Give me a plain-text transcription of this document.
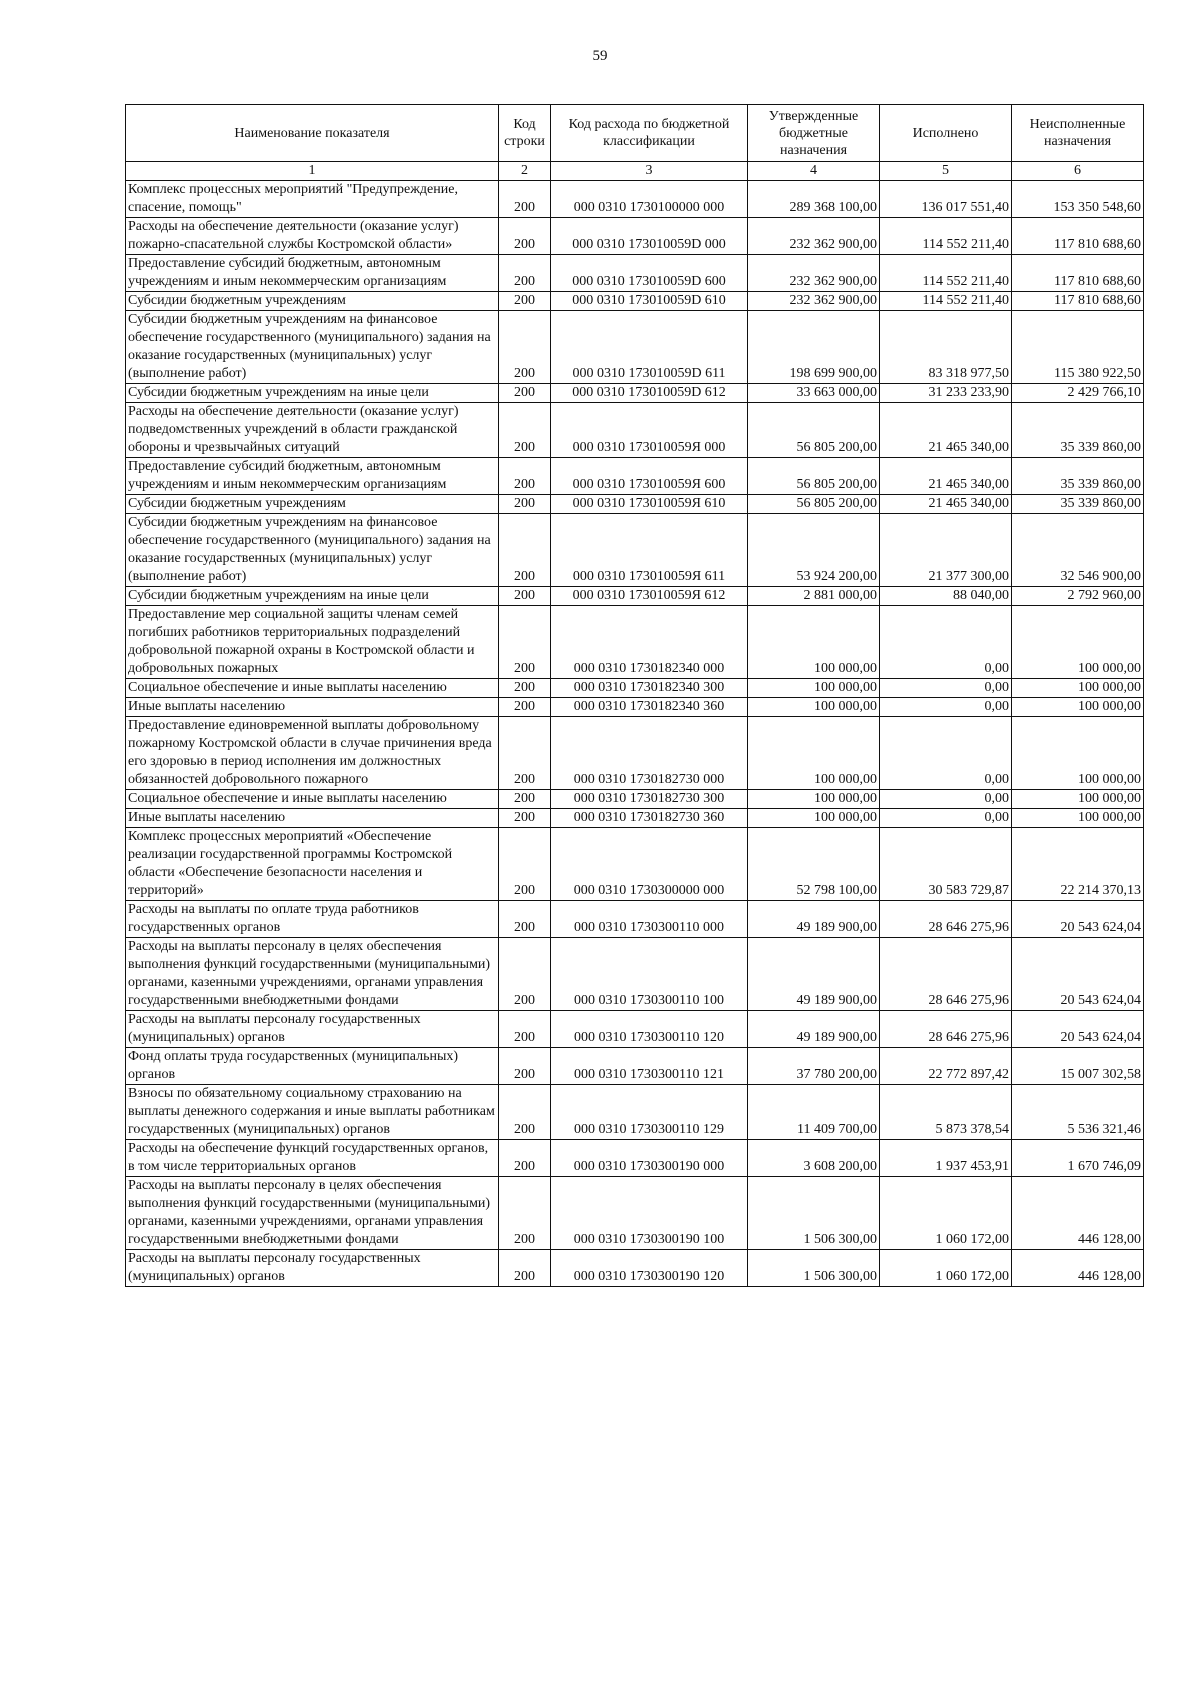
59
Наименование показателя	Код строки	Код расхода по бюджетной классификации	Утвержденные бюджетные назначения	Исполнено	Неисполненные назначения
1	2	3	4	5	6
Комплекс процессных мероприятий "Предупреждение, спасение, помощь"	200	000 0310 1730100000 000	289 368 100,00	136 017 551,40	153 350 548,60
Расходы на обеспечение деятельности (оказание услуг) пожарно-спасательной службы Костромской области»	200	000 0310 173010059D 000	232 362 900,00	114 552 211,40	117 810 688,60
Предоставление субсидий бюджетным, автономным учреждениям и иным некоммерческим организациям	200	000 0310 173010059D 600	232 362 900,00	114 552 211,40	117 810 688,60
Субсидии бюджетным учреждениям	200	000 0310 173010059D 610	232 362 900,00	114 552 211,40	117 810 688,60
Субсидии бюджетным учреждениям на финансовое обеспечение государственного (муниципального) задания на оказание государственных (муниципальных) услуг (выполнение работ)	200	000 0310 173010059D 611	198 699 900,00	83 318 977,50	115 380 922,50
Субсидии бюджетным учреждениям на иные цели	200	000 0310 173010059D 612	33 663 000,00	31 233 233,90	2 429 766,10
Расходы на обеспечение деятельности (оказание услуг) подведомственных учреждений в области гражданской обороны и чрезвычайных ситуаций	200	000 0310 173010059Я 000	56 805 200,00	21 465 340,00	35 339 860,00
Предоставление субсидий бюджетным, автономным учреждениям и иным некоммерческим организациям	200	000 0310 173010059Я 600	56 805 200,00	21 465 340,00	35 339 860,00
Субсидии бюджетным учреждениям	200	000 0310 173010059Я 610	56 805 200,00	21 465 340,00	35 339 860,00
Субсидии бюджетным учреждениям на финансовое обеспечение государственного (муниципального) задания на оказание государственных (муниципальных) услуг (выполнение работ)	200	000 0310 173010059Я 611	53 924 200,00	21 377 300,00	32 546 900,00
Субсидии бюджетным учреждениям на иные цели	200	000 0310 173010059Я 612	2 881 000,00	88 040,00	2 792 960,00
Предоставление мер социальной защиты членам семей погибших работников территориальных подразделений добровольной пожарной охраны в Костромской области и добровольных пожарных	200	000 0310 1730182340 000	100 000,00	0,00	100 000,00
Социальное обеспечение и иные выплаты населению	200	000 0310 1730182340 300	100 000,00	0,00	100 000,00
Иные выплаты населению	200	000 0310 1730182340 360	100 000,00	0,00	100 000,00
Предоставление единовременной выплаты добровольному пожарному Костромской области в случае причинения вреда его здоровью в период исполнения им должностных обязанностей добровольного пожарного	200	000 0310 1730182730 000	100 000,00	0,00	100 000,00
Социальное обеспечение и иные выплаты населению	200	000 0310 1730182730 300	100 000,00	0,00	100 000,00
Иные выплаты населению	200	000 0310 1730182730 360	100 000,00	0,00	100 000,00
Комплекс процессных мероприятий «Обеспечение реализации государственной программы Костромской области «Обеспечение безопасности населения и территорий»	200	000 0310 1730300000 000	52 798 100,00	30 583 729,87	22 214 370,13
Расходы на выплаты по оплате труда работников государственных органов	200	000 0310 1730300110 000	49 189 900,00	28 646 275,96	20 543 624,04
Расходы на выплаты персоналу в целях обеспечения выполнения функций государственными (муниципальными) органами, казенными учреждениями, органами управления государственными внебюджетными фондами	200	000 0310 1730300110 100	49 189 900,00	28 646 275,96	20 543 624,04
Расходы на выплаты персоналу государственных (муниципальных) органов	200	000 0310 1730300110 120	49 189 900,00	28 646 275,96	20 543 624,04
Фонд оплаты труда государственных (муниципальных) органов	200	000 0310 1730300110 121	37 780 200,00	22 772 897,42	15 007 302,58
Взносы по обязательному социальному страхованию на выплаты денежного содержания и иные выплаты работникам государственных (муниципальных) органов	200	000 0310 1730300110 129	11 409 700,00	5 873 378,54	5 536 321,46
Расходы на обеспечение функций государственных органов, в том числе территориальных органов	200	000 0310 1730300190 000	3 608 200,00	1 937 453,91	1 670 746,09
Расходы на выплаты персоналу в целях обеспечения выполнения функций государственными (муниципальными) органами, казенными учреждениями, органами управления государственными внебюджетными фондами	200	000 0310 1730300190 100	1 506 300,00	1 060 172,00	446 128,00
Расходы на выплаты персоналу государственных (муниципальных) органов	200	000 0310 1730300190 120	1 506 300,00	1 060 172,00	446 128,00
